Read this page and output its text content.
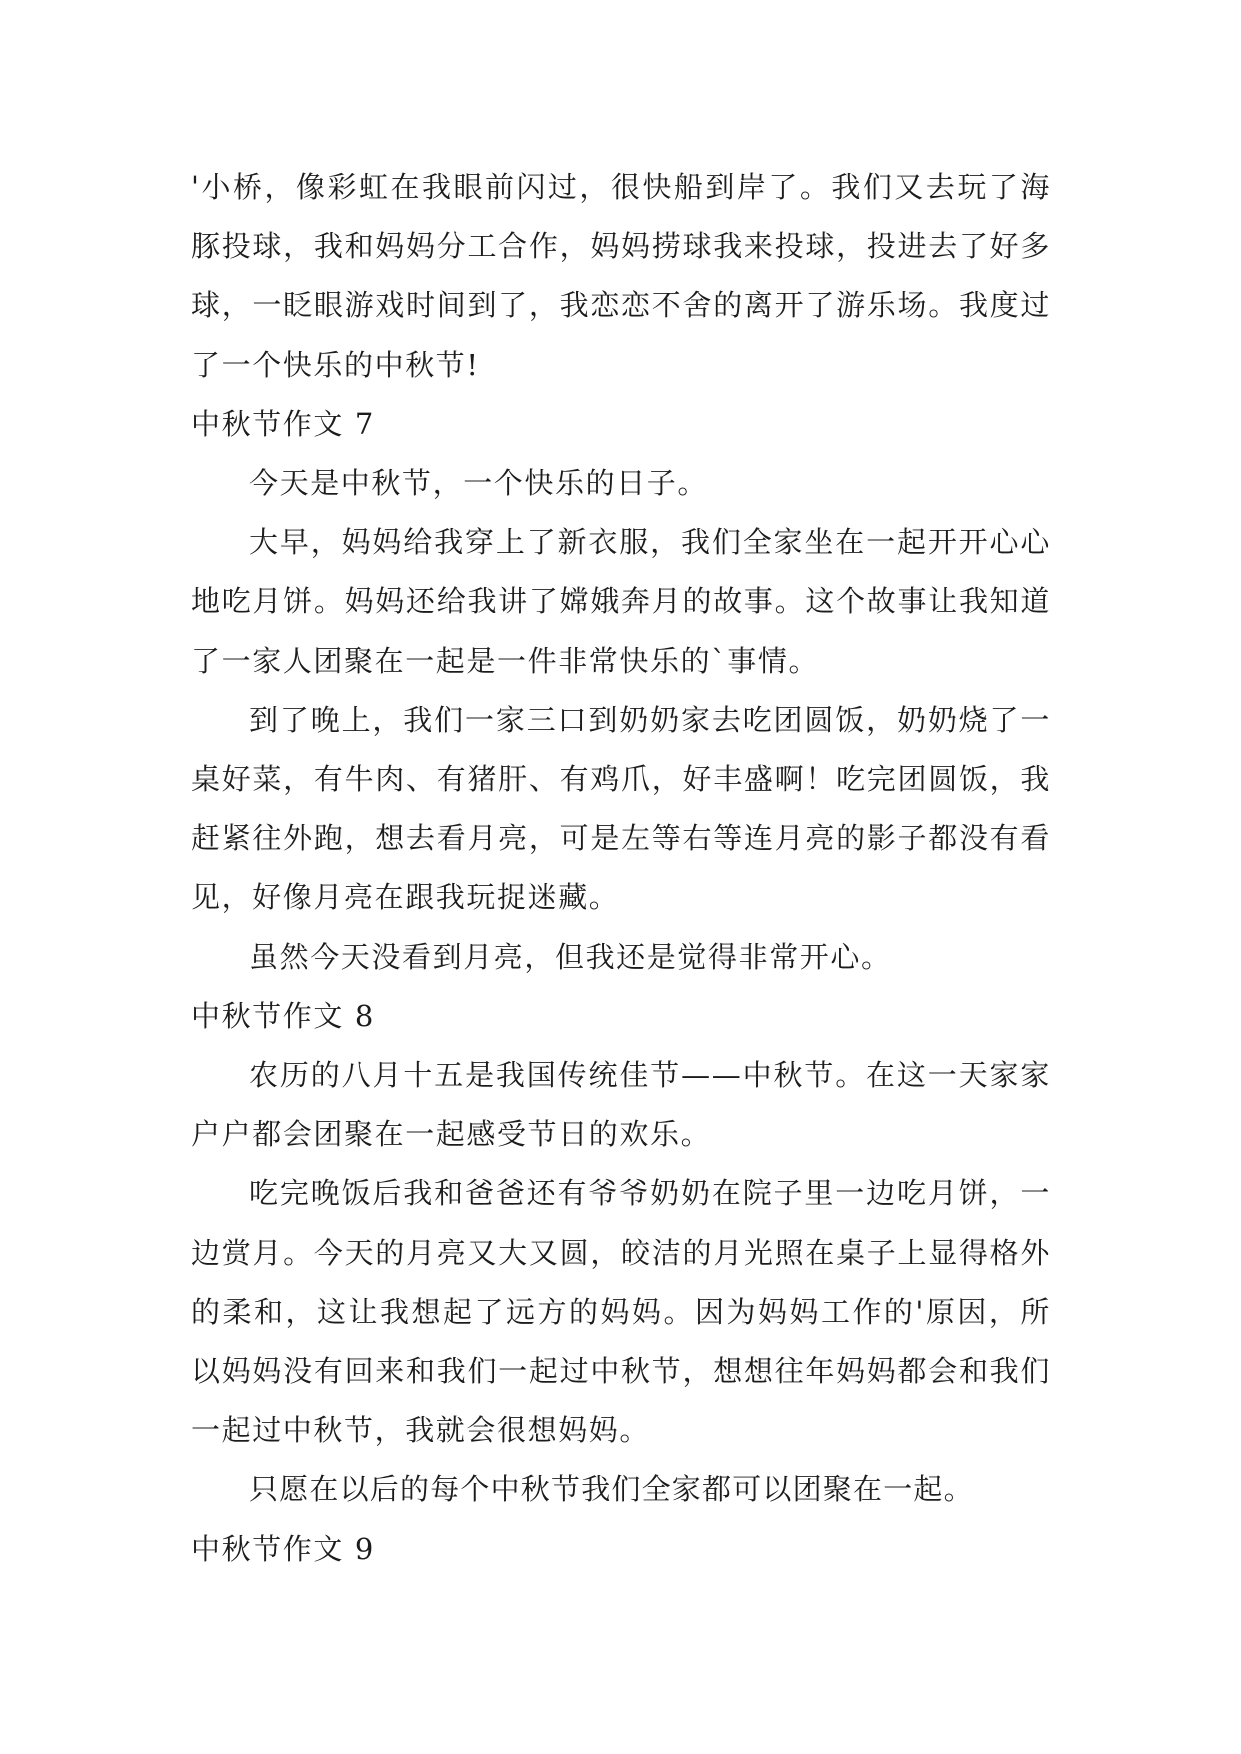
'小桥，像彩虹在我眼前闪过，很快船到岸了。我们又去玩了海豚投球，我和妈妈分工合作，妈妈捞球我来投球，投进去了好多球，一眨眼游戏时间到了，我恋恋不舍的离开了游乐场。我度过了一个快乐的中秋节!

中秋节作文 7

今天是中秋节，一个快乐的日子。

大早，妈妈给我穿上了新衣服，我们全家坐在一起开开心心地吃月饼。妈妈还给我讲了嫦娥奔月的故事。这个故事让我知道了一家人团聚在一起是一件非常快乐的`事情。

到了晚上，我们一家三口到奶奶家去吃团圆饭，奶奶烧了一桌好菜，有牛肉、有猪肝、有鸡爪，好丰盛啊！吃完团圆饭，我赶紧往外跑，想去看月亮，可是左等右等连月亮的影子都没有看见，好像月亮在跟我玩捉迷藏。

虽然今天没看到月亮，但我还是觉得非常开心。

中秋节作文 8

农历的八月十五是我国传统佳节——中秋节。在这一天家家户户都会团聚在一起感受节日的欢乐。

吃完晚饭后我和爸爸还有爷爷奶奶在院子里一边吃月饼，一边赏月。今天的月亮又大又圆，皎洁的月光照在桌子上显得格外的柔和，这让我想起了远方的妈妈。因为妈妈工作的'原因，所以妈妈没有回来和我们一起过中秋节，想想往年妈妈都会和我们一起过中秋节，我就会很想妈妈。

只愿在以后的每个中秋节我们全家都可以团聚在一起。

中秋节作文 9
